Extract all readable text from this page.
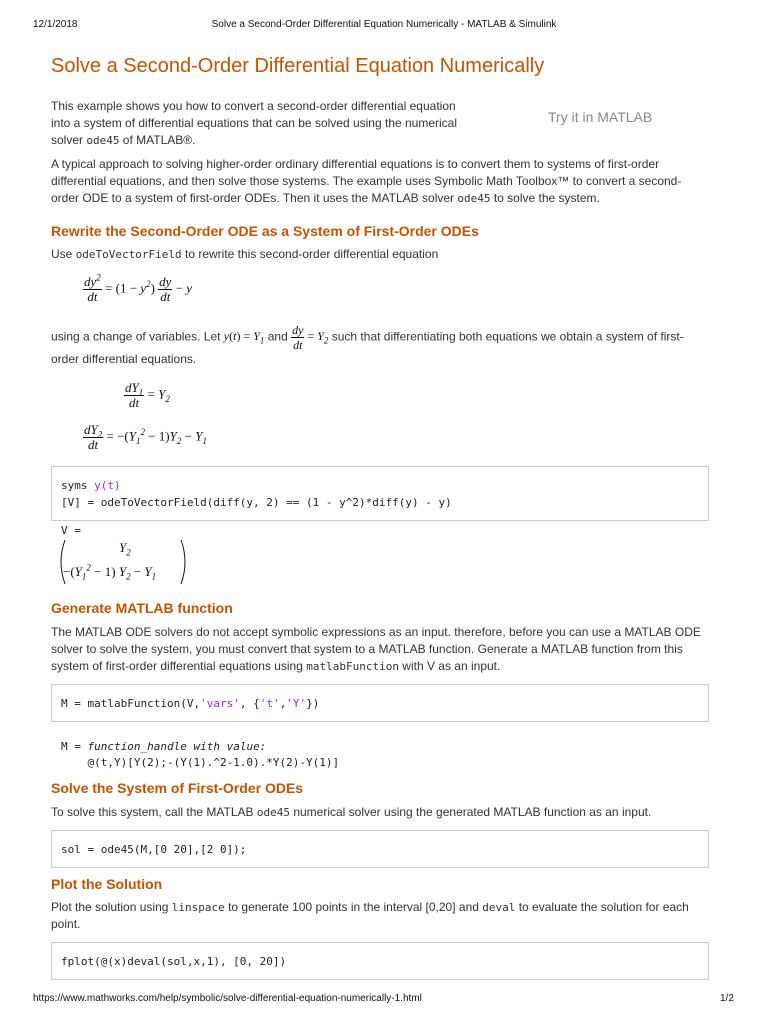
12/1/2018	Solve a Second-Order Differential Equation Numerically - MATLAB & Simulink
Solve a Second-Order Differential Equation Numerically
This example shows you how to convert a second-order differential equation
into a system of differential equations that can be solved using the numerical
solver ode45 of MATLAB®.
Try it in MATLAB
A typical approach to solving higher-order ordinary differential equations is to convert them to systems of first-order
differential equations, and then solve those systems. The example uses Symbolic Math Toolbox™ to convert a second-
order ODE to a system of first-order ODEs. Then it uses the MATLAB solver ode45 to solve the system.
Rewrite the Second-Order ODE as a System of First-Order ODEs
Use odeToVectorField to rewrite this second-order differential equation
$\frac{dy^2}{dt} = (1 - y^2) \frac{dy}{dt} - y$
using a change of variables. Let $y(t) = Y_1$ and $\frac{dy}{dt} = Y_2$ such that differentiating both equations we obtain a system of first-
order differential equations.
$\frac{dY_1}{dt} = Y_2$
$\frac{dY_2}{dt} = -(Y_1^2 - 1)Y_2 - Y_1$
syms y(t)
[V] = odeToVectorField(diff(y, 2) == (1 - y^2)*diff(y) - y)
V =
$Y_2$
$-(Y_1^2 - 1) Y_2 - Y_1$
Generate MATLAB function
The MATLAB ODE solvers do not accept symbolic expressions as an input. therefore, before you can use a MATLAB ODE
solver to solve the system, you must convert that system to a MATLAB function. Generate a MATLAB function from this
system of first-order differential equations using matlabFunction with V as an input.
M = matlabFunction(V,'vars', {'t','Y'})

M = function_handle with value:
@(t,Y)[Y(2);-(Y(1).^2-1.0).*Y(2)-Y(1)]
Solve the System of First-Order ODEs
To solve this system, call the MATLAB ode45 numerical solver using the generated MATLAB function as an input.
sol = ode45(M,[0 20],[2 0]);
Plot the Solution
Plot the solution using linspace to generate 100 points in the interval [0,20] and deval to evaluate the solution for each
point.
fplot(@(x)deval(sol,x,1), [0, 20])
https://www.mathworks.com/help/symbolic/solve-differential-equation-numerically-1.html	1/2
